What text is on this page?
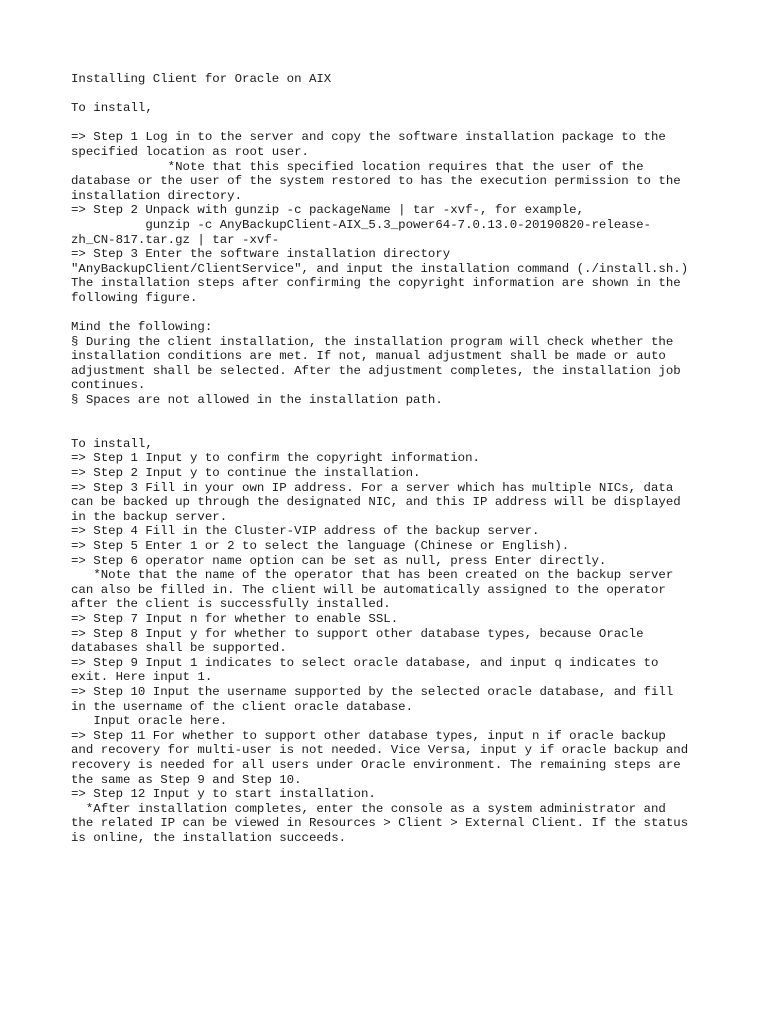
Installing Client for Oracle on AIX
To install,
=> Step 1 Log in to the server and copy the software installation package to the
specified location as root user.
*Note that this specified location requires that the user of the
database or the user of the system restored to has the execution permission to the
installation directory.
=> Step 2 Unpack with gunzip -c packageName | tar -xvf-, for example,
gunzip -c AnyBackupClient-AIX_5.3_power64-7.0.13.0-20190820-release-
zh_CN-817.tar.gz | tar -xvf-
=> Step 3 Enter the software installation directory
"AnyBackupClient/ClientService", and input the installation command (./install.sh.)
The installation steps after confirming the copyright information are shown in the
following figure.
Mind the following:
§ During the client installation, the installation program will check whether the
installation conditions are met. If not, manual adjustment shall be made or auto
adjustment shall be selected. After the adjustment completes, the installation job
continues.
§ Spaces are not allowed in the installation path.
To install,
=> Step 1 Input y to confirm the copyright information.
=> Step 2 Input y to continue the installation.
=> Step 3 Fill in your own IP address. For a server which has multiple NICs, data
can be backed up through the designated NIC, and this IP address will be displayed
in the backup server.
=> Step 4 Fill in the Cluster-VIP address of the backup server.
=> Step 5 Enter 1 or 2 to select the language (Chinese or English).
=> Step 6 operator name option can be set as null, press Enter directly.
*Note that the name of the operator that has been created on the backup server
can also be filled in. The client will be automatically assigned to the operator
after the client is successfully installed.
=> Step 7 Input n for whether to enable SSL.
=> Step 8 Input y for whether to support other database types, because Oracle
databases shall be supported.
=> Step 9 Input 1 indicates to select oracle database, and input q indicates to
exit. Here input 1.
=> Step 10 Input the username supported by the selected oracle database, and fill
in the username of the client oracle database.
Input oracle here.
=> Step 11 For whether to support other database types, input n if oracle backup
and recovery for multi-user is not needed. Vice Versa, input y if oracle backup and
recovery is needed for all users under Oracle environment. The remaining steps are
the same as Step 9 and Step 10.
=> Step 12 Input y to start installation.
*After installation completes, enter the console as a system administrator and
the related IP can be viewed in Resources > Client > External Client. If the status
is online, the installation succeeds.
